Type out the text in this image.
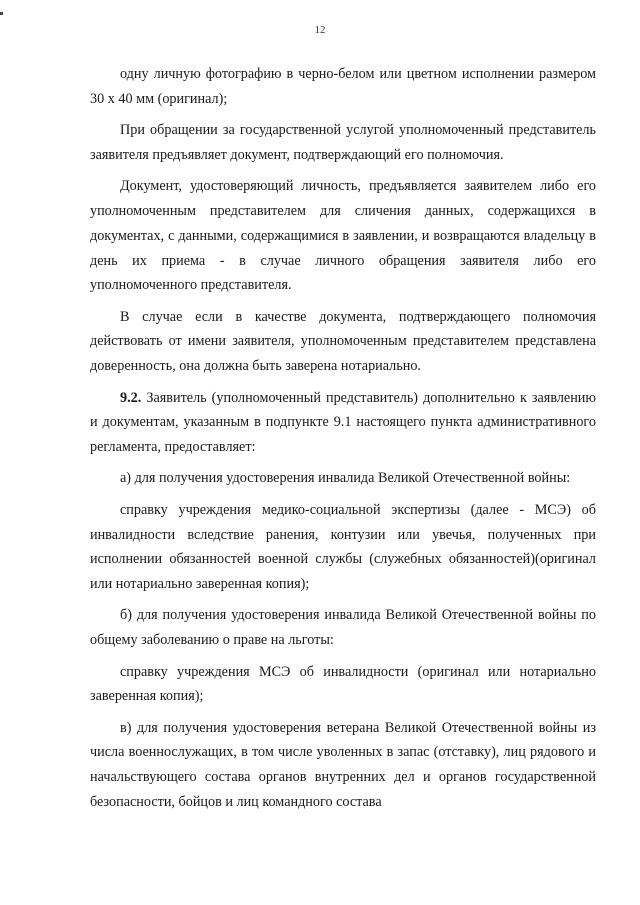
12

одну личную фотографию в черно-белом или цветном исполнении размером 30 х 40 мм (оригинал);

При обращении за государственной услугой уполномоченный представитель заявителя предъявляет документ, подтверждающий его полномочия.

Документ, удостоверяющий личность, предъявляется заявителем либо его уполномоченным представителем для сличения данных, содержащихся в документах, с данными, содержащимися в заявлении, и возвращаются владельцу в день их приема - в случае личного обращения заявителя либо его уполномоченного представителя.

В случае если в качестве документа, подтверждающего полномочия действовать от имени заявителя, уполномоченным представителем представлена доверенность, она должна быть заверена нотариально.

9.2. Заявитель (уполномоченный представитель) дополнительно к заявлению и документам, указанным в подпункте 9.1 настоящего пункта административного регламента, предоставляет:

а) для получения удостоверения инвалида Великой Отечественной войны:

справку учреждения медико-социальной экспертизы (далее - МСЭ) об инвалидности вследствие ранения, контузии или увечья, полученных при исполнении обязанностей военной службы (служебных обязанностей)(оригинал или нотариально заверенная копия);

б) для получения удостоверения инвалида Великой Отечественной войны по общему заболеванию о праве на льготы:

справку учреждения МСЭ об инвалидности (оригинал или нотариально заверенная копия);

в) для получения удостоверения ветерана Великой Отечественной войны из числа военнослужащих, в том числе уволенных в запас (отставку), лиц рядового и начальствующего состава органов внутренних дел и органов государственной безопасности, бойцов и лиц командного состава
